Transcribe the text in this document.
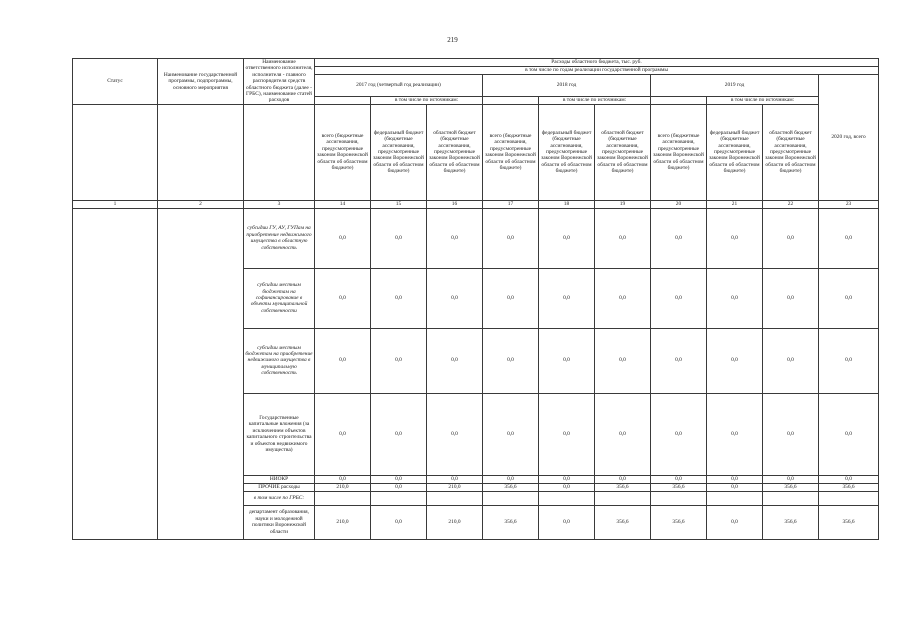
219
Статус	Наименование государственной программы, подпрограммы, основного мероприятия	Наименование ответственного исполнителя, исполнителя - главного распорядителя средств областного бюджета (далее - ГРБС), наименование статей расходов	Расходы областного бюджета, тыс. руб.									
			в том числе по годам реализации государственной программы									
			2017 год (четвертый год реализации)			2018 год			2019 год			2020 год, всего
				в том числе по источникам:			в том числе по источникам:			в том числе по источникам:		
			всего (бюджетные ассигнования, предусмотренные законом Воронежской области об областном бюджете)	федеральный бюджет (бюджетные ассигнования, предусмотренные законом Воронежской области об областном бюджете)	областной бюджет (бюджетные ассигнования, предусмотренные законом Воронежской области об областном бюджете)	всего (бюджетные ассигнования, предусмотренные законом Воронежской области об областном бюджете)	федеральный бюджет (бюджетные ассигнования, предусмотренные законом Воронежской области об областном бюджете)	областной бюджет (бюджетные ассигнования, предусмотренные законом Воронежской области об областном бюджете)	всего (бюджетные ассигнования, предусмотренные законом Воронежской области об областном бюджете)	федеральный бюджет (бюджетные ассигнования, предусмотренные законом Воронежской области об областном бюджете)	областной бюджет (бюджетные ассигнования, предусмотренные законом Воронежской области об областном бюджете)	
1	2	3	14	15	16	17	18	19	20	21	22	23
		субсидии ГУ, АУ, ГУПам на приобретение недвижимого имущества в областную собственность	0,0	0,0	0,0	0,0	0,0	0,0	0,0	0,0	0,0	0,0
		субсидии местным бюджетам на софинансирование в объекты муниципальной собственности	0,0	0,0	0,0	0,0	0,0	0,0	0,0	0,0	0,0	0,0
		субсидии местным бюджетам на приобретение недвижимого имущества в муниципальную собственность	0,0	0,0	0,0	0,0	0,0	0,0	0,0	0,0	0,0	0,0
		Государственные капитальные вложения (за исключением объектов капитального строительства и объектов недвижимого имущества)	0,0	0,0	0,0	0,0	0,0	0,0	0,0	0,0	0,0	0,0
		НИОКР	0,0	0,0	0,0	0,0	0,0	0,0	0,0	0,0	0,0	0,0
		ПРОЧИЕ расходы	210,0	0,0	210,0	356,6	0,0	356,6	356,6	0,0	356,6	356,6
		в том числе по ГРБС:										
		департамент образования, науки и молодежной политики Воронежской области	210,0	0,0	210,0	356,6	0,0	356,6	356,6	0,0	356,6	356,6
